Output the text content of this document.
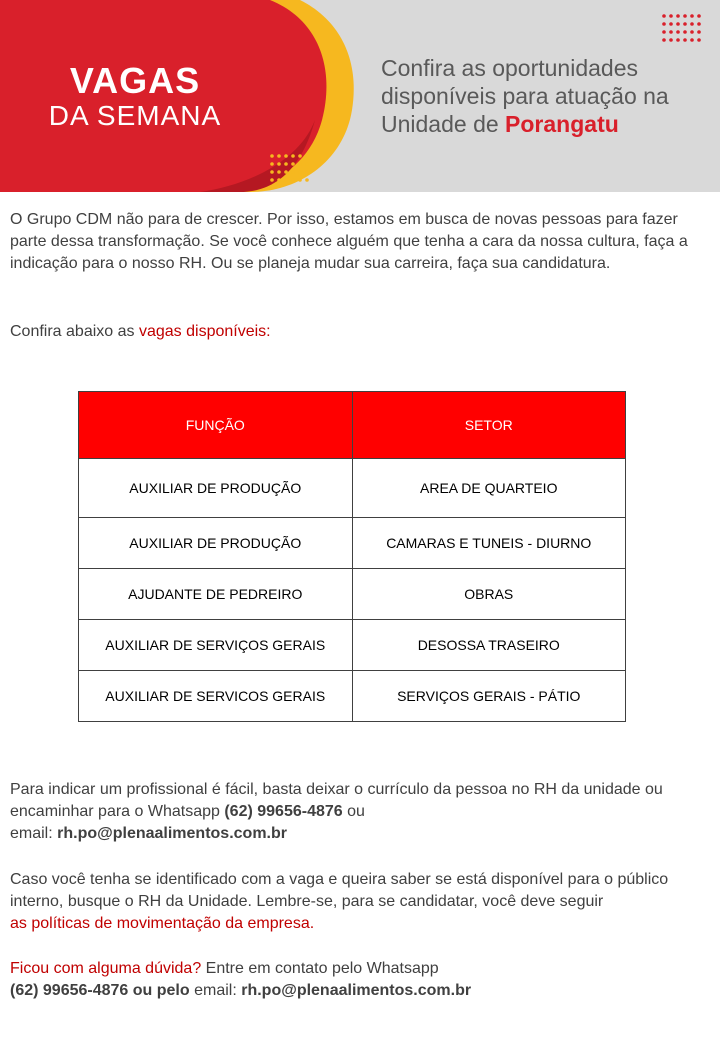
VAGAS

DA SEMANA

Confira as oportunidades
disponíveis para atuação na
Unidade de Porangatu

O Grupo CDM não para de crescer. Por isso, estamos em busca de novas pessoas para fazer parte dessa transformação. Se você conhece alguém que tenha a cara da nossa cultura, faça a indicação para o nosso RH. Ou se planeja mudar sua carreira, faça sua candidatura.

Confira abaixo as vagas disponíveis:

FUNÇÃO	SETOR
AUXILIAR DE PRODUÇÃO	AREA DE QUARTEIO
AUXILIAR DE PRODUÇÃO	CAMARAS E TUNEIS - DIURNO
AJUDANTE DE PEDREIRO	OBRAS
AUXILIAR DE SERVIÇOS GERAIS	DESOSSA TRASEIRO
AUXILIAR DE SERVICOS GERAIS	SERVIÇOS GERAIS - PÁTIO

Para indicar um profissional é fácil, basta deixar o currículo da pessoa no RH da unidade ou encaminhar para o Whatsapp (62) 99656-4876 ou
email: rh.po@plenaalimentos.com.br

Caso você tenha se identificado com a vaga e queira saber se está disponível para o público interno, busque o RH da Unidade. Lembre-se, para se candidatar, você deve seguir
as políticas de movimentação da empresa.

Ficou com alguma dúvida? Entre em contato pelo Whatsapp
(62) 99656-4876 ou pelo email: rh.po@plenaalimentos.com.br
